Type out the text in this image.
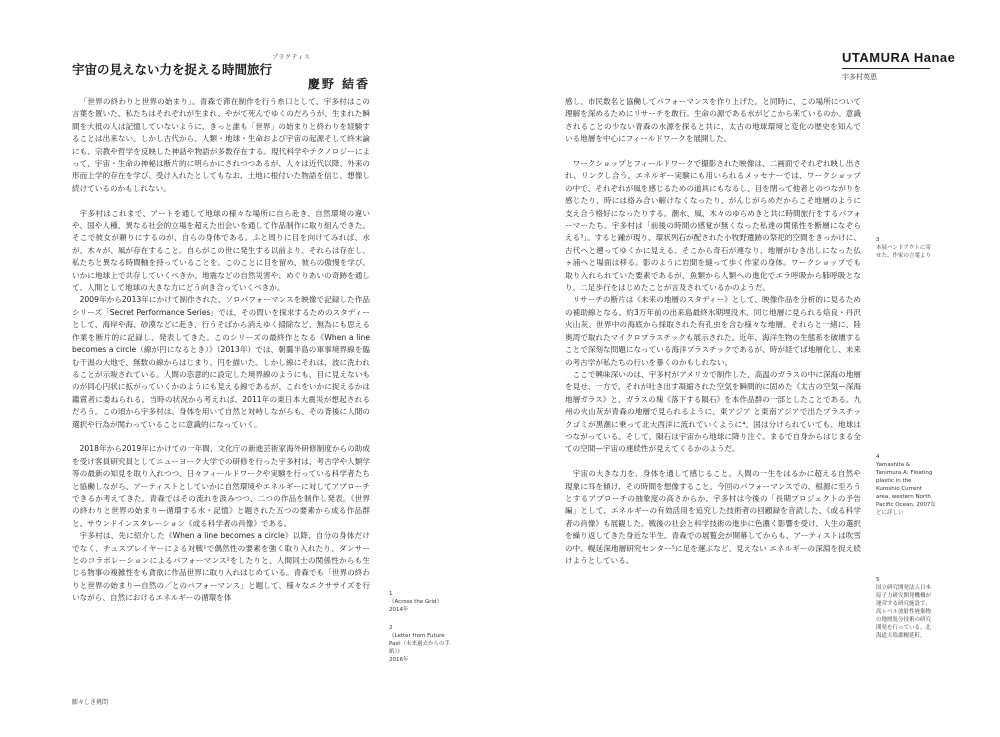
プラクティス
宇宙の見えない力を捉える時間旅行
慶野 結香
UTAMURA Hanae
宇多村英恵

「世界の終わりと世界の始まり」。青森で滞在制作を行う糸口として、宇多村はこの言葉を置いた。私たちはそれぞれが生まれ、やがて死んでゆくのだろうが、生まれた瞬間を大抵の人は記憶していないように、きっと誰も「世界」の始まりと終わりを経験することは出来ない。しかし古代から、人類・地球・生命および宇宙の起源そして終末論にも、宗教や哲学を反映した神話や物語が多数存在する。現代科学やテクノロジーによって、宇宙・生命の神秘は断片的に明らかにされつつあるが、人々は近代以降、外来の形而上学的存在を学び、受け入れたとしてもなお、土地に根付いた物語を信じ、想像し続けているのかもしれない。

宇多村はこれまで、アートを通して地球の様々な場所に自ら赴き、自然環境の違いや、国や人種、異なる社会的立場を超えた出会いを通して作品制作に取り組んできた。そこで彼女が頼りにするのが、自らの身体である。ふと周りに目を向けてみれば、水が、木々が、風が存在すること。自らがこの世に発生する以前より、それらは存在し、私たちと異なる時間軸を持っていることを。このことに目を留め、彼らの傲慢を学び、いかに地球上で共存していくべきか。地震などの自然災害や、めぐりあいの奇跡を通して、人間として地球の大きな力にどう向き合っていくべきか。

2009年から2013年にかけて制作された、ソロパフォーマンスを映像で記録した作品シリーズ「Secret Performance Series」では、その問いを探求するためのスタディーとして、海岸や海、砂漠などに赴き、行うそばから消えゆく掃除など、無為にも思える作業を断片的に記録し、発表してきた。このシリーズの最終作となる《When a line becomes a circle（線が円になるとき）》（2013年）では、朝靄半島の軍事境界線を臨む干潟の大地で、無数の線からはじまり、円を描いた。しかし線にそれは、波に洗われることが示唆されている。人間の恣意的に設定した境界線のようにも、目に見えないものが同心円状に拡がっていくかのようにも見える線であるが、これをいかに捉えるかは鑑賞者に委ねられる。当時の状況から考えれば、2011年の東日本大震災が想起されるだろう。この頃から宇多村は、身体を用いて自然と対峙しながらも、その背後に人間の選択や行為が関わっていることに意識的になっていく。

2018年から2019年にかけての一年間、文化庁の新進芸術家海外研修制度からの助成を受け客員研究員としてニューヨーク大学での研修を行った宇多村は、考古学や人類学等の最新の知見を取り入れつつ、日々フィールドワークや実験を行っている科学者たちと協働しながら、アーティストとしていかに自然環境やエネルギーに対してアプローチできるか考えてきた。青森ではその流れを汲みつつ、二つの作品を制作し発表。《世界の終わりと世界の始まり—循環する水・記憶》と題された五つの要素から成る作品群と、サウンドインスタレーション《或る科学者の肖像》である。

宇多村は、先に紹介した《When a line becomes a circle》以降、自分の身体だけでなく、チュスプレイヤーによる対戦¹で偶然性の要素を強く取り入れたり、ダンサーとのコラボレーションによるパフォーマンス²をしたりと、人間同士の関係性からも生じる物事の複雑性をも貪欲に作品世界に取り入れはじめている。青森でも「世界の終わりと世界の始まり—自然の／とのパフォーマンス」と題して、様々なエクササイズを行いながら、自然におけるエネルギーの循環を体	1
《Across the Grid》
2014年
2
《Letter from Future Past（未来過去からの手紙）》
2016年

感し、市民数名と協働してパフォーマンスを作り上げた。と同時に、この場所について理解を深めるためにリサーチを敢行。生命の源である水がどこから来ているのか。意識されることの少ない青森の水源を探ると共に、太古の地球環境と変化の歴史を知んでいる地層を中心にフィールドワークを展開した。

ワークショップとフィールドワークで撮影された映像は、二画面でそれぞれ映し出され、リンクし合う。エネルギー実験にも用いられるメッセナーでは、ワークショップの中で、それぞれが風を感じるための道具にもなるし、目を閉って他者とのつながりを感じたり、時には絡み合い解けなくなったり、がんじがらめだからこそ地層のように支え合う格好になったりする。潮水、風、木々のゆらめきと共に時間旅行をするパフォーマーたち。宇多村は「前後の時間の感覚が無くなった私達の関係性を断層になぞらえる³」。すると鍾が現り、環状列石が配された小牧野遺跡の祭祀的空間をきっかけに、古代へと遡ってゆくかに見える。そこから奇石が連なり、地層がむき出しになった仏ヶ浦へと場面は移る。影のように岩間を縫って歩く作家の身体。ワークショップでも取り入れられていた要素であるが、魚類から人類への進化でエラ呼吸から肺呼吸となり、二足歩行をはじめたことが言及されているかのようだ。

リサーチの断片は《未来の地層のスタディー》として、映像作品を分析的に見るための補助線となる。約3万年前の出来島最終氷期埋没木、同じ地層に見られる焙良・丹沢火山灰、世界中の海底から採取された有孔虫を含む様々な地層。それらと一緒に、陸奥湾で取れたマイクロプラスチックも展示された。近年、海洋生物の生態系を破壊することで深刻な問題になっている海洋プラスチックであるが、時が経てば地層化し、未来の考古学が私たちの行いを暴くのかもしれない。

ここで興味深いのは、宇多村がアメリカで制作した、高温のガラスの中に深海の地層を見せ、一方で、それが吐き出す凝縮された空気を瞬間的に固めた《太古の空気—深海地層ガラス》と、ガラスの塊《落下する隕石》を本作品群の一部としたことである。九州の火山灰が青森の地層で見られるように、東アジア と東南アジアで出たプラスチックゴミが黒潮に乗って北大西洋に流れていくように⁴、国は分けられていても、地球はつながっている。そして、隕石は宇宙から地球に降り注ぐ。まるで自身からはじまる全ての空間—宇宙の連続性が見えてくるかのようだ。

宇宙の大きな力を、身体を通して感じること。人間の一生をはるかに超える自然や現象に耳を傾け、その時間を想像すること。今回のパフォーマンスでの、根源に至ろうとするアプローチの抽象度の高さからか、宇多村は今後の「長期プロジェクトの予告編」として、エネルギーの有効活用を追究した技術者の回顧録を音読した、《或る科学者の肖像》も展観した。戦後の社会と科学技術の進歩に色濃く影響を受け、人生の選択を繰り返してきた身近な半生。青森での展覧会が開幕してからも、アーティストは吹雪の中、幌延深地層研究センター⁵に足を運ぶなど、見えない エネルギーの深淵を捉え続けようとしている。

3
本展ハンドアウトに寄せた、作家の言葉より
4
Yamashita & Tanimura A: Floating plastic in the Kuroshio Current area, western North Pacific Ocean, 2007などに詳しい
5
国立研究開発法人日本原子力研究開発機構が運営する研究施設で、高レベル放射性廃棄物の地層処分技術の研究開発を行っている。北海道天塩郡幌延町。
膨々しき挑問
